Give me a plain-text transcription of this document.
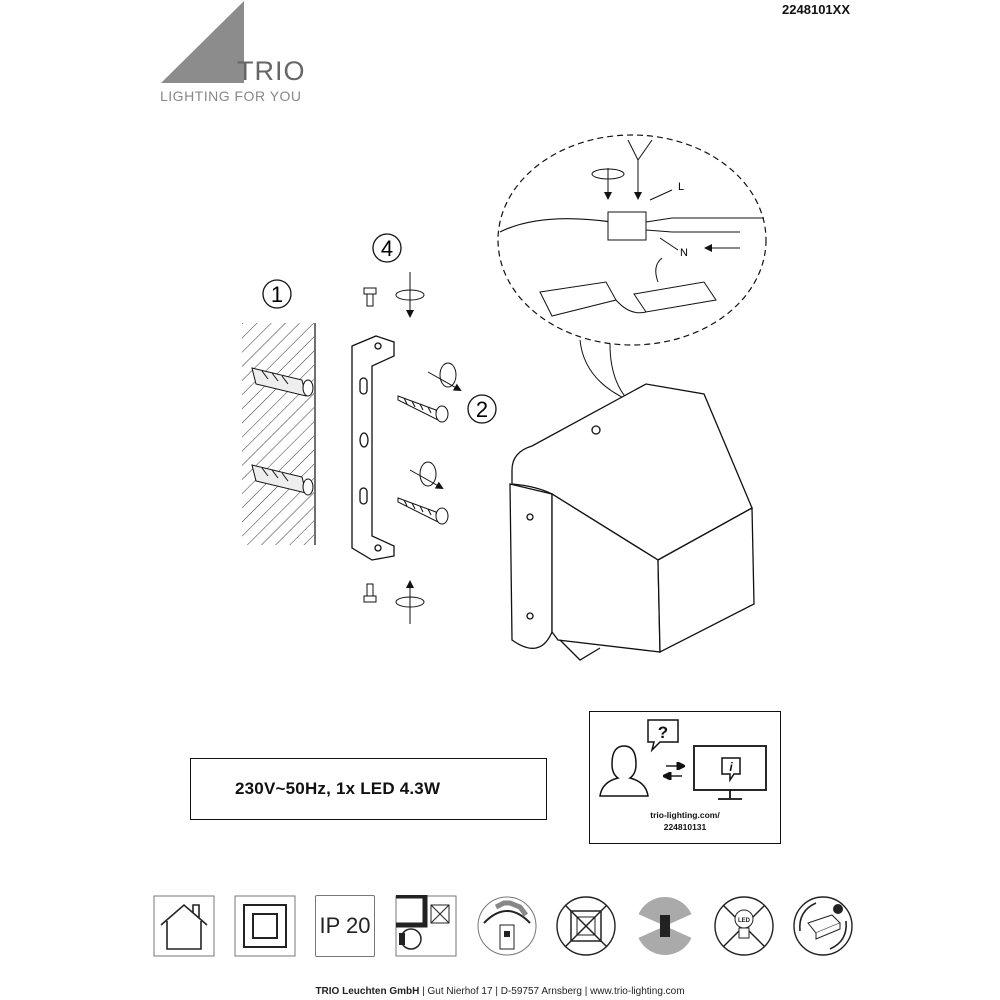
TRIO
LIGHTING FOR YOU
2248101XX
1
2
4
L
N
230V~50Hz, 1x LED 4.3W
?
i
trio-lighting.com/
224810131
IP 20	LED
TRIO Leuchten GmbH | Gut Nierhof 17 | D-59757 Arnsberg | www.trio-lighting.com
